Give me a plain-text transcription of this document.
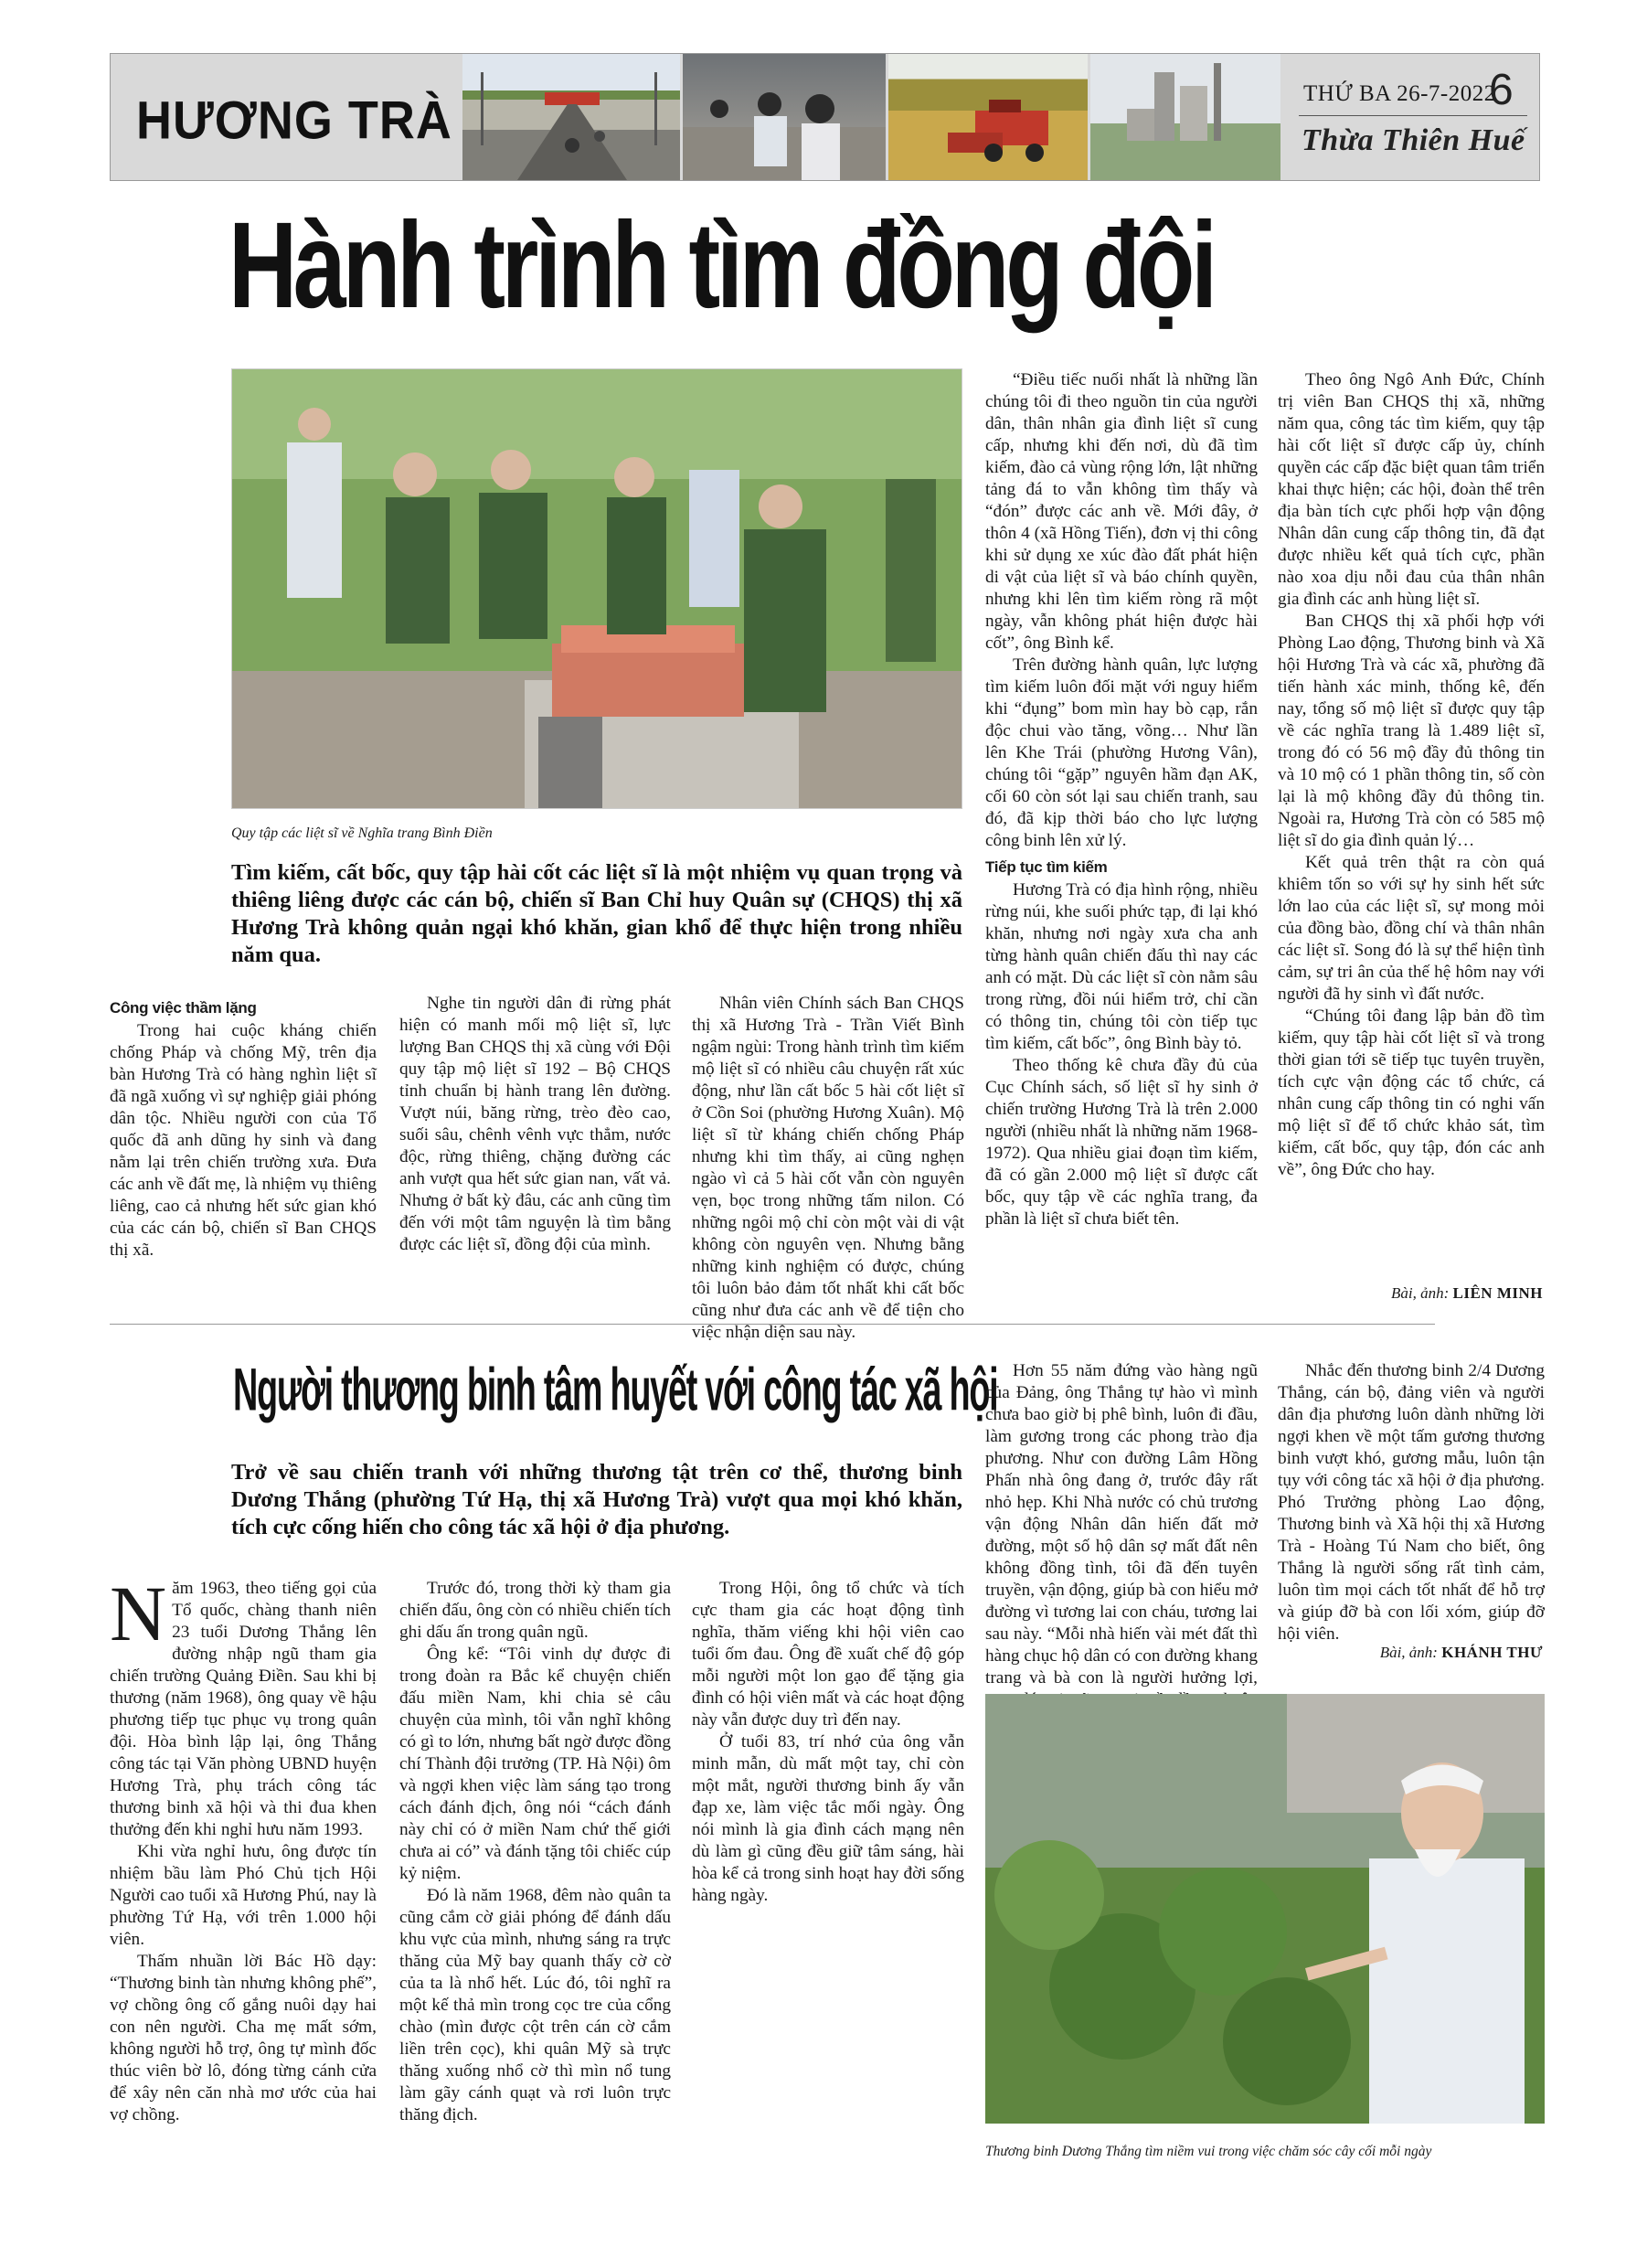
HƯƠNG TRÀ	THỨ BA 26-7-2022
6
Thừa Thiên Huế
Hành trình tìm đồng đội
Quy tập các liệt sĩ về Nghĩa trang Bình Điền
Tìm kiếm, cất bốc, quy tập hài cốt các liệt sĩ là một nhiệm vụ quan trọng và thiêng liêng được các cán bộ, chiến sĩ Ban Chỉ huy Quân sự (CHQS) thị xã Hương Trà không quản ngại khó khăn, gian khổ để thực hiện trong nhiều năm qua.
Công việc thầm lặng

Trong hai cuộc kháng chiến chống Pháp và chống Mỹ, trên địa bàn Hương Trà có hàng nghìn liệt sĩ đã ngã xuống vì sự nghiệp giải phóng dân tộc. Nhiều người con của Tổ quốc đã anh dũng hy sinh và đang nằm lại trên chiến trường xưa. Đưa các anh về đất mẹ, là nhiệm vụ thiêng liêng, cao cả nhưng hết sức gian khó của các cán bộ, chiến sĩ Ban CHQS thị xã.

Nghe tin người dân đi rừng phát hiện có manh mối mộ liệt sĩ, lực lượng Ban CHQS thị xã cùng với Đội quy tập mộ liệt sĩ 192 – Bộ CHQS tỉnh chuẩn bị hành trang lên đường. Vượt núi, băng rừng, trèo đèo cao, suối sâu, chênh vênh vực thẳm, nước độc, rừng thiêng, chặng đường các anh vượt qua hết sức gian nan, vất vả. Nhưng ở bất kỳ đâu, các anh cũng tìm đến với một tâm nguyện là tìm bằng được các liệt sĩ, đồng đội của mình.

Nhân viên Chính sách Ban CHQS thị xã Hương Trà - Trần Viết Bình ngậm ngùi: Trong hành trình tìm kiếm mộ liệt sĩ có nhiều câu chuyện rất xúc động, như lần cất bốc 5 hài cốt liệt sĩ ở Cồn Soi (phường Hương Xuân). Mộ liệt sĩ từ kháng chiến chống Pháp nhưng khi tìm thấy, ai cũng nghẹn ngào vì cả 5 hài cốt vẫn còn nguyên vẹn, bọc trong những tấm nilon. Có những ngôi mộ chỉ còn một vài di vật không còn nguyên vẹn. Nhưng bằng những kinh nghiệm có được, chúng tôi luôn bảo đảm tốt nhất khi cất bốc cũng như đưa các anh về để tiện cho việc nhận diện sau này.

“Điều tiếc nuối nhất là những lần chúng tôi đi theo nguồn tin của người dân, thân nhân gia đình liệt sĩ cung cấp, nhưng khi đến nơi, dù đã tìm kiếm, đào cả vùng rộng lớn, lật những tảng đá to vẫn không tìm thấy và “đón” được các anh về. Mới đây, ở thôn 4 (xã Hồng Tiến), đơn vị thi công khi sử dụng xe xúc đào đất phát hiện di vật của liệt sĩ và báo chính quyền, nhưng khi lên tìm kiếm ròng rã một ngày, vẫn không phát hiện được hài cốt”, ông Bình kể.

Trên đường hành quân, lực lượng tìm kiếm luôn đối mặt với nguy hiểm khi “đụng” bom mìn hay bò cạp, rắn độc chui vào tăng, võng… Như lần lên Khe Trái (phường Hương Vân), chúng tôi “gặp” nguyên hầm đạn AK, cối 60 còn sót lại sau chiến tranh, sau đó, đã kịp thời báo cho lực lượng công binh lên xử lý.

Tiếp tục tìm kiếm

Hương Trà có địa hình rộng, nhiều rừng núi, khe suối phức tạp, đi lại khó khăn, nhưng nơi ngày xưa cha anh từng hành quân chiến đấu thì nay các anh có mặt. Dù các liệt sĩ còn nằm sâu trong rừng, đồi núi hiểm trở, chỉ cần có thông tin, chúng tôi còn tiếp tục tìm kiếm, cất bốc”, ông Bình bày tỏ.

Theo thống kê chưa đầy đủ của Cục Chính sách, số liệt sĩ hy sinh ở chiến trường Hương Trà là trên 2.000 người (nhiều nhất là những năm 1968-1972). Qua nhiều giai đoạn tìm kiếm, đã có gần 2.000 mộ liệt sĩ được cất bốc, quy tập về các nghĩa trang, đa phần là liệt sĩ chưa biết tên.

Theo ông Ngô Anh Đức, Chính trị viên Ban CHQS thị xã, những năm qua, công tác tìm kiếm, quy tập hài cốt liệt sĩ được cấp ủy, chính quyền các cấp đặc biệt quan tâm triển khai thực hiện; các hội, đoàn thể trên địa bàn tích cực phối hợp vận động Nhân dân cung cấp thông tin, đã đạt được nhiều kết quả tích cực, phần nào xoa dịu nỗi đau của thân nhân gia đình các anh hùng liệt sĩ.

Ban CHQS thị xã phối hợp với Phòng Lao động, Thương binh và Xã hội Hương Trà và các xã, phường đã tiến hành xác minh, thống kê, đến nay, tổng số mộ liệt sĩ được quy tập về các nghĩa trang là 1.489 liệt sĩ, trong đó có 56 mộ đầy đủ thông tin và 10 mộ có 1 phần thông tin, số còn lại là mộ không đầy đủ thông tin. Ngoài ra, Hương Trà còn có 585 mộ liệt sĩ do gia đình quản lý…

Kết quả trên thật ra còn quá khiêm tốn so với sự hy sinh hết sức lớn lao của các liệt sĩ, sự mong mỏi của đồng bào, đồng chí và thân nhân các liệt sĩ. Song đó là sự thể hiện tình cảm, sự tri ân của thế hệ hôm nay với người đã hy sinh vì đất nước.

“Chúng tôi đang lập bản đồ tìm kiếm, quy tập hài cốt liệt sĩ và trong thời gian tới sẽ tiếp tục tuyên truyền, tích cực vận động các tổ chức, cá nhân cung cấp thông tin có nghi vấn mộ liệt sĩ để tổ chức khảo sát, tìm kiếm, cất bốc, quy tập, đón các anh về”, ông Đức cho hay.

Bài, ảnh: LIÊN MINH
Người thương binh tâm huyết với công tác xã hội
Trở về sau chiến tranh với những thương tật trên cơ thể, thương binh Dương Thắng (phường Tứ Hạ, thị xã Hương Trà) vượt qua mọi khó khăn, tích cực cống hiến cho công tác xã hội ở địa phương.

Năm 1963, theo tiếng gọi của Tổ quốc, chàng thanh niên 23 tuổi Dương Thắng lên đường nhập ngũ tham gia chiến trường Quảng Điền. Sau khi bị thương (năm 1968), ông quay về hậu phương tiếp tục phục vụ trong quân đội. Hòa bình lập lại, ông Thắng công tác tại Văn phòng UBND huyện Hương Trà, phụ trách công tác thương binh xã hội và thi đua khen thưởng đến khi nghỉ hưu năm 1993.

Khi vừa nghỉ hưu, ông được tín nhiệm bầu làm Phó Chủ tịch Hội Người cao tuổi xã Hương Phú, nay là phường Tứ Hạ, với trên 1.000 hội viên.

Thấm nhuần lời Bác Hồ dạy: “Thương binh tàn nhưng không phế”, vợ chồng ông cố gắng nuôi dạy hai con nên người. Cha mẹ mất sớm, không người hỗ trợ, ông tự mình đốc thúc viên bờ lô, đóng từng cánh cửa để xây nên căn nhà mơ ước của hai vợ chồng.

Trước đó, trong thời kỳ tham gia chiến đấu, ông còn có nhiều chiến tích ghi dấu ấn trong quân ngũ.

Ông kể: “Tôi vinh dự được đi trong đoàn ra Bắc kể chuyện chiến đấu miền Nam, khi chia sẻ câu chuyện của mình, tôi vẫn nghĩ không có gì to lớn, nhưng bất ngờ được đồng chí Thành đội trưởng (TP. Hà Nội) ôm và ngợi khen việc làm sáng tạo trong cách đánh địch, ông nói “cách đánh này chỉ có ở miền Nam chứ thế giới chưa ai có” và đánh tặng tôi chiếc cúp kỷ niệm.

Đó là năm 1968, đêm nào quân ta cũng cắm cờ giải phóng để đánh dấu khu vực của mình, nhưng sáng ra trực thăng của Mỹ bay quanh thấy cờ cờ của ta là nhổ hết. Lúc đó, tôi nghĩ ra một kế thả mìn trong cọc tre của cổng chào (mìn được cột trên cán cờ cắm liền trên cọc), khi quân Mỹ sà trực thăng xuống nhổ cờ thì mìn nổ tung làm gãy cánh quạt và rơi luôn trực thăng địch.

Trong Hội, ông tổ chức và tích cực tham gia các hoạt động tình nghĩa, thăm viếng khi hội viên cao tuổi ốm đau. Ông đề xuất chế độ góp mỗi người một lon gạo để tặng gia đình có hội viên mất và các hoạt động này vẫn được duy trì đến nay.

Ở tuổi 83, trí nhớ của ông vẫn minh mẫn, dù mất một tay, chỉ còn một mắt, người thương binh ấy vẫn đạp xe, làm việc tắc mối ngày. Ông nói mình là gia đình cách mạng nên dù làm gì cũng đều giữ tâm sáng, hài hòa kể cả trong sinh hoạt hay đời sống hàng ngày.

Hơn 55 năm đứng vào hàng ngũ của Đảng, ông Thắng tự hào vì mình chưa bao giờ bị phê bình, luôn đi đầu, làm gương trong các phong trào địa phương. Như con đường Lâm Hồng Phấn nhà ông đang ở, trước đây rất nhỏ hẹp. Khi Nhà nước có chủ trương vận động Nhân dân hiến đất mở đường, một số hộ dân sợ mất đất nên không đồng tình, tôi đã đến tuyên truyền, vận động, giúp bà con hiểu mở đường vì tương lai con cháu, tương lai sau này. “Mỗi nhà hiến vài mét đất thì hàng chục hộ dân có con đường khang trang và bà con là người hưởng lợi,

Nhắc đến thương binh 2/4 Dương Thắng, cán bộ, đảng viên và người dân địa phương luôn dành những lời ngợi khen về một tấm gương thương binh vượt khó, gương mẫu, luôn tận tụy với công tác xã hội ở địa phương. Phó Trưởng phòng Lao động, Thương binh và Xã hội thị xã Hương Trà - Hoàng Tú Nam cho biết, ông Thắng là người sống rất tình cảm, luôn tìm mọi cách tốt nhất để hỗ trợ và giúp đỡ bà con lối xóm, giúp đỡ hội viên.

Bài, ảnh: KHÁNH THƯ
Thương binh Dương Thắng tìm niềm vui trong việc chăm sóc cây cối mỗi ngày
